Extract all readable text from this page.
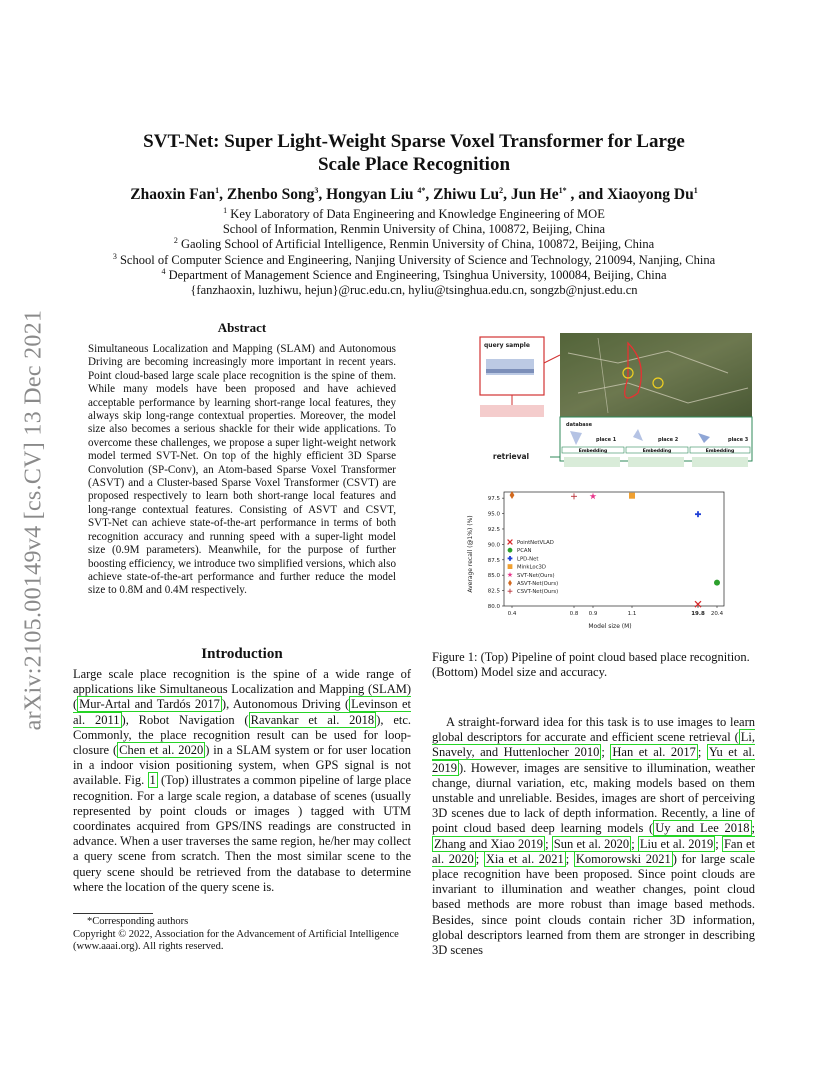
arXiv:2105.00149v4 [cs.CV] 13 Dec 2021
SVT-Net: Super Light-Weight Sparse Voxel Transformer for Large
Scale Place Recognition
Zhaoxin Fan$^1$, Zhenbo Song$^3$, Hongyan Liu $^{4*}$, Zhiwu Lu$^2$, Jun $He^{1*}$ , and Xiaoyong Du$^1$
$^1$ Key Laboratory of Data Engineering and Knowledge Engineering of MOE
School of Information, Renmin University of China, 100872, Beijing, China
$^2$ Gaoling School of Artificial Intelligence, Renmin University of China, 100872, Beijing, China
$^3$ School of Computer Science and Engineering, Nanjing University of Science and Technology, 210094, Nanjing, China
$^4$ Department of Management Science and Engineering, Tsinghua University, 100084, Beijing, China
{fanzhaoxin, luzhiwu, hejun}@ruc.edu.cn, hyliu@tsinghua.edu.cn, songzb@njust.edu.cn
Abstract
Simultaneous Localization and Mapping (SLAM) and Autonomous Driving are becoming increasingly more important in recent years. Point cloud-based large scale place recognition is the spine of them. While many models have been proposed and have achieved acceptable performance by learning short-range local features, they always skip long-range contextual properties. Moreover, the model size also becomes a serious shackle for their wide applications. To overcome these challenges, we propose a super light-weight network model termed SVT-Net. On top of the highly efficient 3D Sparse Convolution (SP-Conv), an Atom-based Sparse Voxel Transformer (ASVT) and a Cluster-based Sparse Voxel Transformer (CSVT) are proposed respectively to learn both short-range local features and long-range contextual features. Consisting of ASVT and CSVT, SVT-Net can achieve state-of-the-art performance in terms of both recognition accuracy and running speed with a super-light model size (0.9M parameters). Meanwhile, for the purpose of further boosting efficiency, we introduce two simplified versions, which also achieve state-of-the-art performance and further reduce the model size to 0.8M and 0.4M respectively.
Introduction
Large scale place recognition is the spine of a wide range of applications like Simultaneous Localization and Mapping (SLAM) ( Mur-Artal and Tardós 2017 ), Autonomous Driving ( Levinson et al. 2011 ), Robot Navigation ( Ravankar et al. 2018 ), etc. Commonly, the place recognition result can be used for loop-closure ( Chen et al. 2020 ) in a SLAM system or for user location in a indoor vision positioning system, when GPS signal is not available. Fig. 1 (Top) illustrates a common pipeline of large place recognition. For a large scale region, a database of scenes (usually represented by point clouds or images ) tagged with UTM coordinates acquired from GPS/INS readings are constructed in advance. When a user traverses the same region, he/her may collect a query scene from scratch. Then the most similar scene to the query scene should be retrieved from the database to determine where the location of the query scene is.
*Corresponding authors
Copyright © 2022, Association for the Advancement of Artificial Intelligence (www.aaai.org). All rights reserved.
query sample
retrieval
database
place 1
Embedding
place 2
Embedding
place 3
Embedding
80.0
82.5
85.0
87.5
90.0
92.5
95.0
97.5
0.4	0.8 0.9	1.1	19.8 20.4
PointNetVLAD
PCAN
LPD-Net
MinkLoc3D
SVT-Net(Ours)
ASVT-Net(Ours)
CSVT-Net(Ours)
Model size (M)
Average recall (@1%) (%)
Figure 1: (Top) Pipeline of point cloud based place recognition. (Bottom) Model size and accuracy.
A straight-forward idea for this task is to use images to learn global descriptors for accurate and efficient scene retrieval ( Li, Snavely, and Huttenlocher 2010 ; Han et al. 2017 ; Yu et al. 2019 ). However, images are sensitive to illumination, weather change, diurnal variation, etc, making models based on them unstable and unreliable. Besides, images are short of perceiving 3D scenes due to lack of depth information. Recently, a line of point cloud based deep learning models ( Uy and Lee 2018 ; Zhang and Xiao 2019 ; Sun et al. 2020 ; Liu et al. 2019 ; Fan et al. 2020 ; Xia et al. 2021 ; Komorowski 2021 ) for large scale place recognition have been proposed. Since point clouds are invariant to illumination and weather changes, point cloud based methods are more robust than image based methods. Besides, since point clouds contain richer 3D information, global descriptors learned from them are stronger in describing 3D scenes
